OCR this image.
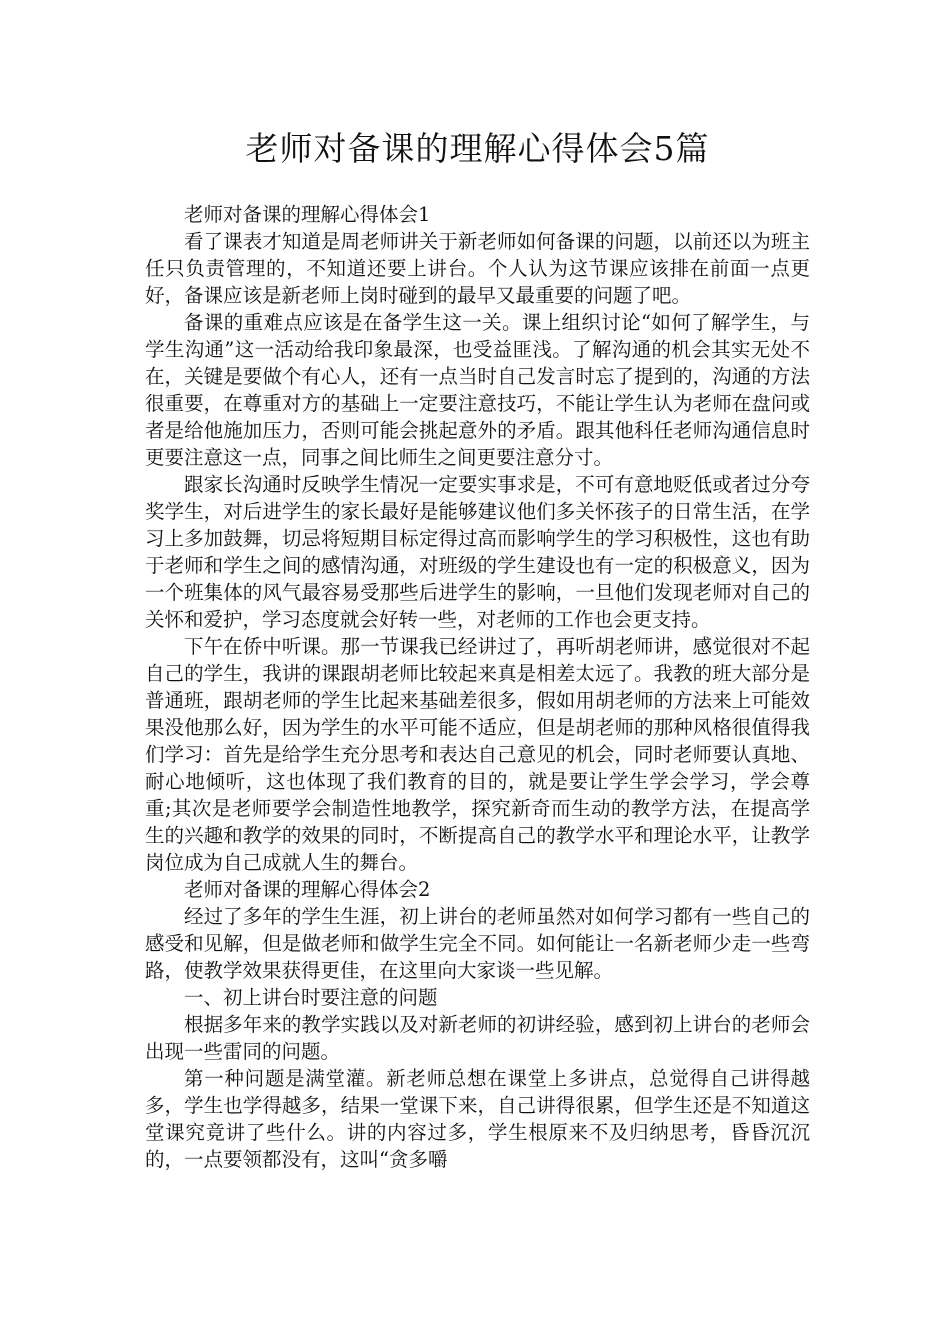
老师对备课的理解心得体会5篇

老师对备课的理解心得体会1

看了课表才知道是周老师讲关于新老师如何备课的问题，以前还以为班主任只负责管理的，不知道还要上讲台。个人认为这节课应该排在前面一点更好，备课应该是新老师上岗时碰到的最早又最重要的问题了吧。

备课的重难点应该是在备学生这一关。课上组织讨论“如何了解学生，与学生沟通”这一活动给我印象最深，也受益匪浅。了解沟通的机会其实无处不在，关键是要做个有心人，还有一点当时自己发言时忘了提到的，沟通的方法很重要，在尊重对方的基础上一定要注意技巧，不能让学生认为老师在盘问或者是给他施加压力，否则可能会挑起意外的矛盾。跟其他科任老师沟通信息时更要注意这一点，同事之间比师生之间更要注意分寸。

跟家长沟通时反映学生情况一定要实事求是，不可有意地贬低或者过分夸奖学生，对后进学生的家长最好是能够建议他们多关怀孩子的日常生活，在学习上多加鼓舞，切忌将短期目标定得过高而影响学生的学习积极性，这也有助于老师和学生之间的感情沟通，对班级的学生建设也有一定的积极意义，因为一个班集体的风气最容易受那些后进学生的影响，一旦他们发现老师对自己的关怀和爱护，学习态度就会好转一些，对老师的工作也会更支持。

下午在侨中听课。那一节课我已经讲过了，再听胡老师讲，感觉很对不起自己的学生，我讲的课跟胡老师比较起来真是相差太远了。我教的班大部分是普通班，跟胡老师的学生比起来基础差很多，假如用胡老师的方法来上可能效果没他那么好，因为学生的水平可能不适应，但是胡老师的那种风格很值得我们学习：首先是给学生充分思考和表达自己意见的机会，同时老师要认真地、耐心地倾听，这也体现了我们教育的目的，就是要让学生学会学习，学会尊重;其次是老师要学会制造性地教学，探究新奇而生动的教学方法，在提高学生的兴趣和教学的效果的同时，不断提高自己的教学水平和理论水平，让教学岗位成为自己成就人生的舞台。

老师对备课的理解心得体会2

经过了多年的学生生涯，初上讲台的老师虽然对如何学习都有一些自己的感受和见解，但是做老师和做学生完全不同。如何能让一名新老师少走一些弯路，使教学效果获得更佳，在这里向大家谈一些见解。

一、初上讲台时要注意的问题

根据多年来的教学实践以及对新老师的初讲经验，感到初上讲台的老师会出现一些雷同的问题。

第一种问题是满堂灌。新老师总想在课堂上多讲点，总觉得自己讲得越多，学生也学得越多，结果一堂课下来，自己讲得很累，但学生还是不知道这堂课究竟讲了些什么。讲的内容过多，学生根原来不及归纳思考，昏昏沉沉的，一点要领都没有，这叫“贪多嚼
